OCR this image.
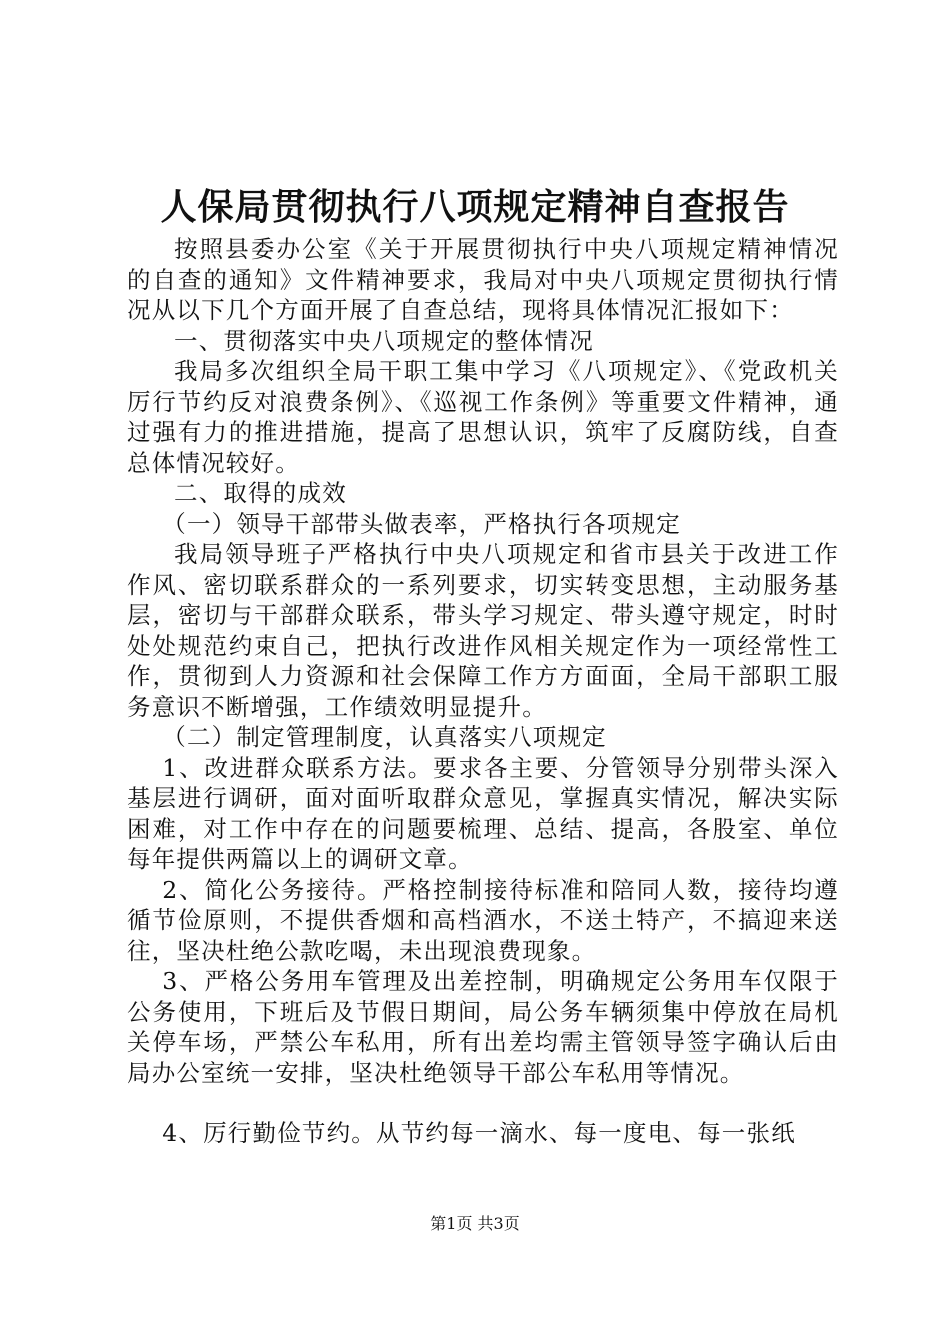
人保局贯彻执行八项规定精神自查报告

按照县委办公室《关于开展贯彻执行中央八项规定精神情况的自查的通知》文件精神要求，我局对中央八项规定贯彻执行情况从以下几个方面开展了自查总结，现将具体情况汇报如下：

一、贯彻落实中央八项规定的整体情况

我局多次组织全局干职工集中学习《八项规定》、《党政机关厉行节约反对浪费条例》、《巡视工作条例》等重要文件精神，通过强有力的推进措施，提高了思想认识，筑牢了反腐防线，自查总体情况较好。

二、取得的成效

（一）领导干部带头做表率，严格执行各项规定

我局领导班子严格执行中央八项规定和省市县关于改进工作作风、密切联系群众的一系列要求，切实转变思想，主动服务基层，密切与干部群众联系，带头学习规定、带头遵守规定，时时处处规范约束自己，把执行改进作风相关规定作为一项经常性工作，贯彻到人力资源和社会保障工作方方面面，全局干部职工服务意识不断增强，工作绩效明显提升。

（二）制定管理制度，认真落实八项规定

1、改进群众联系方法。要求各主要、分管领导分别带头深入基层进行调研，面对面听取群众意见，掌握真实情况，解决实际困难，对工作中存在的问题要梳理、总结、提高，各股室、单位每年提供两篇以上的调研文章。

2、简化公务接待。严格控制接待标准和陪同人数，接待均遵循节俭原则，不提供香烟和高档酒水，不送土特产，不搞迎来送往，坚决杜绝公款吃喝，未出现浪费现象。

3、严格公务用车管理及出差控制，明确规定公务用车仅限于公务使用，下班后及节假日期间，局公务车辆须集中停放在局机关停车场，严禁公车私用，所有出差均需主管领导签字确认后由局办公室统一安排，坚决杜绝领导干部公车私用等情况。

4、厉行勤俭节约。从节约每一滴水、每一度电、每一张纸

第1页 共3页
